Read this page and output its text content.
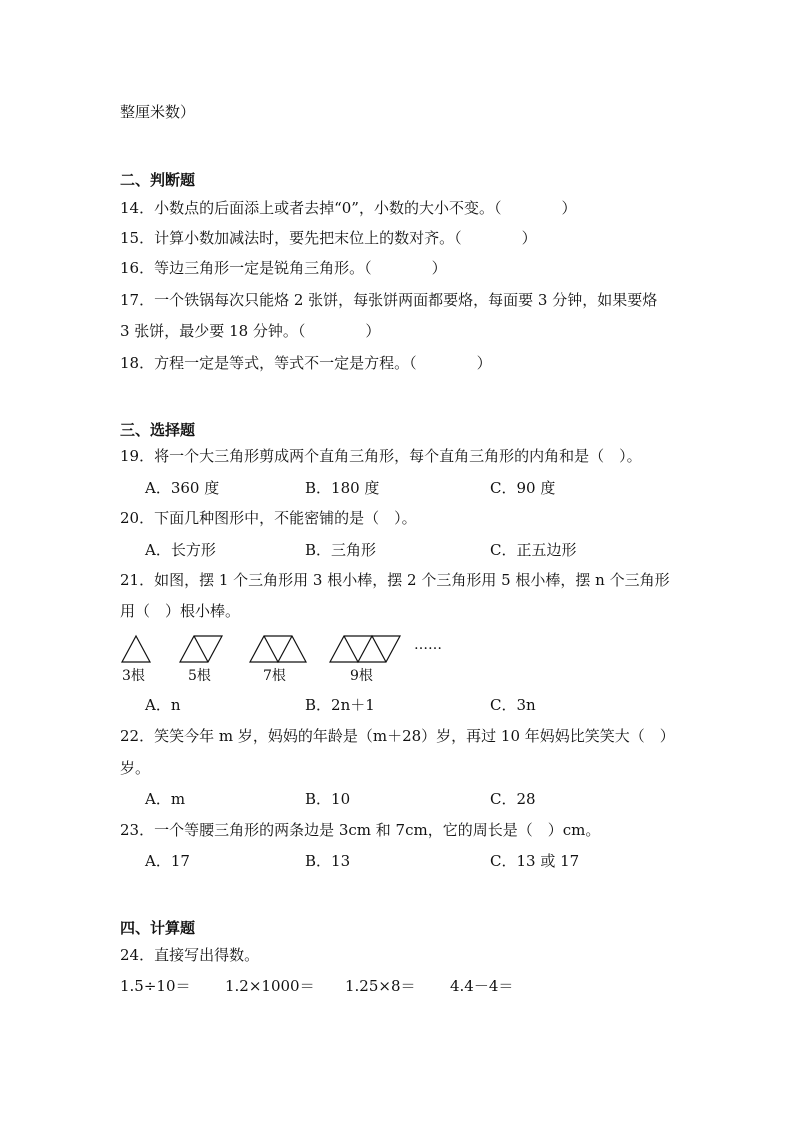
整厘米数）
二、判断题
14．小数点的后面添上或者去掉“0”，小数的大小不变。（　　　　）
15．计算小数加减法时，要先把末位上的数对齐。（　　　　）
16．等边三角形一定是锐角三角形。（　　　　）
17．一个铁锅每次只能烙 2 张饼，每张饼两面都要烙，每面要 3 分钟，如果要烙
3 张饼，最少要 18 分钟。（　　　　）
18．方程一定是等式，等式不一定是方程。（　　　　）
三、选择题
19．将一个大三角形剪成两个直角三角形，每个直角三角形的内角和是（　）。
A．360 度	B．180 度	C．90 度
20．下面几种图形中，不能密铺的是（　）。
A．长方形	B．三角形	C．正五边形
21．如图，摆 1 个三角形用 3 根小棒，摆 2 个三角形用 5 根小棒，摆 n 个三角形
用（　）根小棒。
3根	5根	7根	9根
……
A．n	B．2n＋1	C．3n
22．笑笑今年 m 岁，妈妈的年龄是（m＋28）岁，再过 10 年妈妈比笑笑大（　）
岁。
A．m	B．10	C．28
23．一个等腰三角形的两条边是 3cm 和 7cm，它的周长是（　）cm。
A．17	B．13	C．13 或 17
四、计算题
24．直接写出得数。
1.5÷10＝ 1.2×1000＝ 1.25×8＝ 4.4－4＝
